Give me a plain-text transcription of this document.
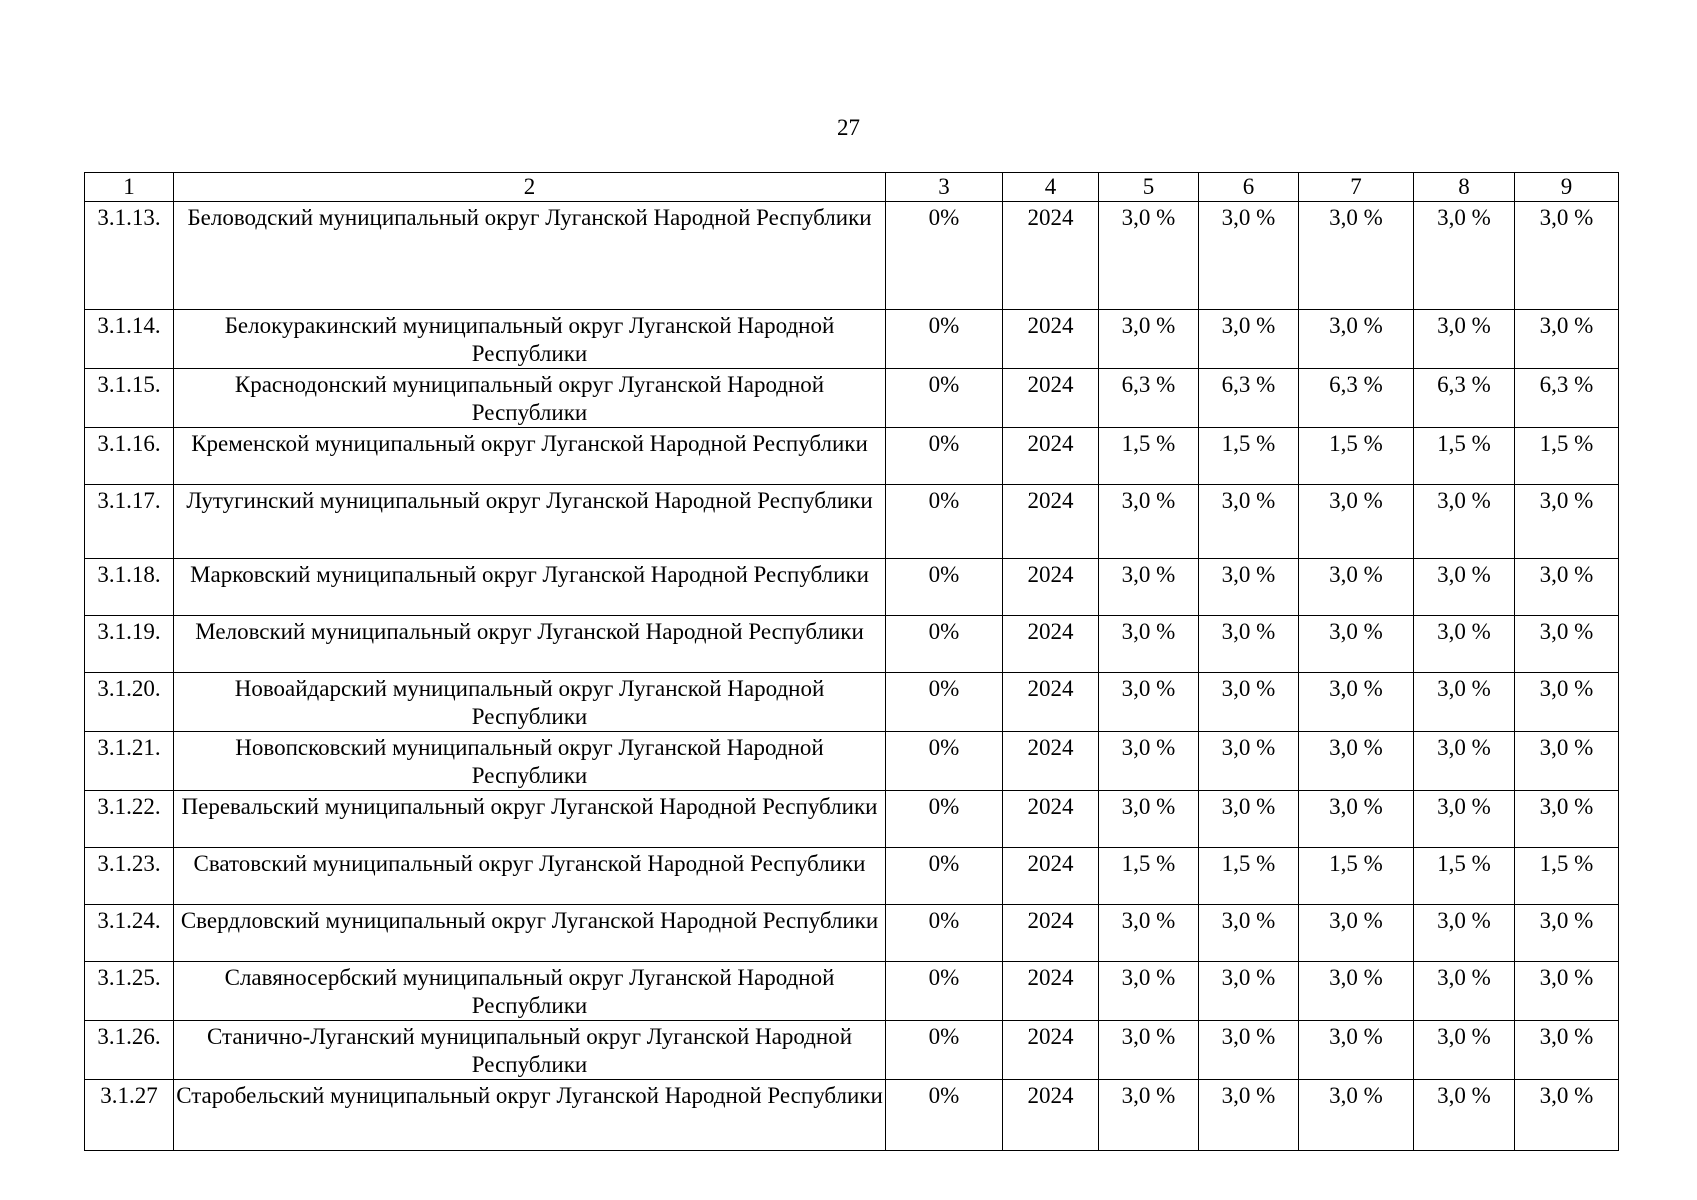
27
1	2	3	4	5	6	7	8	9
3.1.13.	Беловодский муниципальный округ Луганской Народной Республики	0%	2024	3,0 %	3,0 %	3,0 %	3,0 %	3,0 %
3.1.14.	Белокуракинский муниципальный округ Луганской Народной Республики	0%	2024	3,0 %	3,0 %	3,0 %	3,0 %	3,0 %
3.1.15.	Краснодонский муниципальный округ Луганской Народной Республики	0%	2024	6,3 %	6,3 %	6,3 %	6,3 %	6,3 %
3.1.16.	Кременской муниципальный округ Луганской Народной Республики	0%	2024	1,5 %	1,5 %	1,5 %	1,5 %	1,5 %
3.1.17.	Лутугинский муниципальный округ Луганской Народной Республики	0%	2024	3,0 %	3,0 %	3,0 %	3,0 %	3,0 %
3.1.18.	Марковский муниципальный округ Луганской Народной Республики	0%	2024	3,0 %	3,0 %	3,0 %	3,0 %	3,0 %
3.1.19.	Меловский муниципальный округ Луганской Народной Республики	0%	2024	3,0 %	3,0 %	3,0 %	3,0 %	3,0 %
3.1.20.	Новоайдарский муниципальный округ Луганской Народной Республики	0%	2024	3,0 %	3,0 %	3,0 %	3,0 %	3,0 %
3.1.21.	Новопсковский муниципальный округ Луганской Народной Республики	0%	2024	3,0 %	3,0 %	3,0 %	3,0 %	3,0 %
3.1.22.	Перевальский муниципальный округ Луганской Народной Республики	0%	2024	3,0 %	3,0 %	3,0 %	3,0 %	3,0 %
3.1.23.	Сватовский муниципальный округ Луганской Народной Республики	0%	2024	1,5 %	1,5 %	1,5 %	1,5 %	1,5 %
3.1.24.	Свердловский муниципальный округ Луганской Народной Республики	0%	2024	3,0 %	3,0 %	3,0 %	3,0 %	3,0 %
3.1.25.	Славяносербский муниципальный округ Луганской Народной Республики	0%	2024	3,0 %	3,0 %	3,0 %	3,0 %	3,0 %
3.1.26.	Станично-Луганский муниципальный округ Луганской Народной Республики	0%	2024	3,0 %	3,0 %	3,0 %	3,0 %	3,0 %
3.1.27	Старобельский муниципальный округ Луганской Народной Республики	0%	2024	3,0 %	3,0 %	3,0 %	3,0 %	3,0 %
